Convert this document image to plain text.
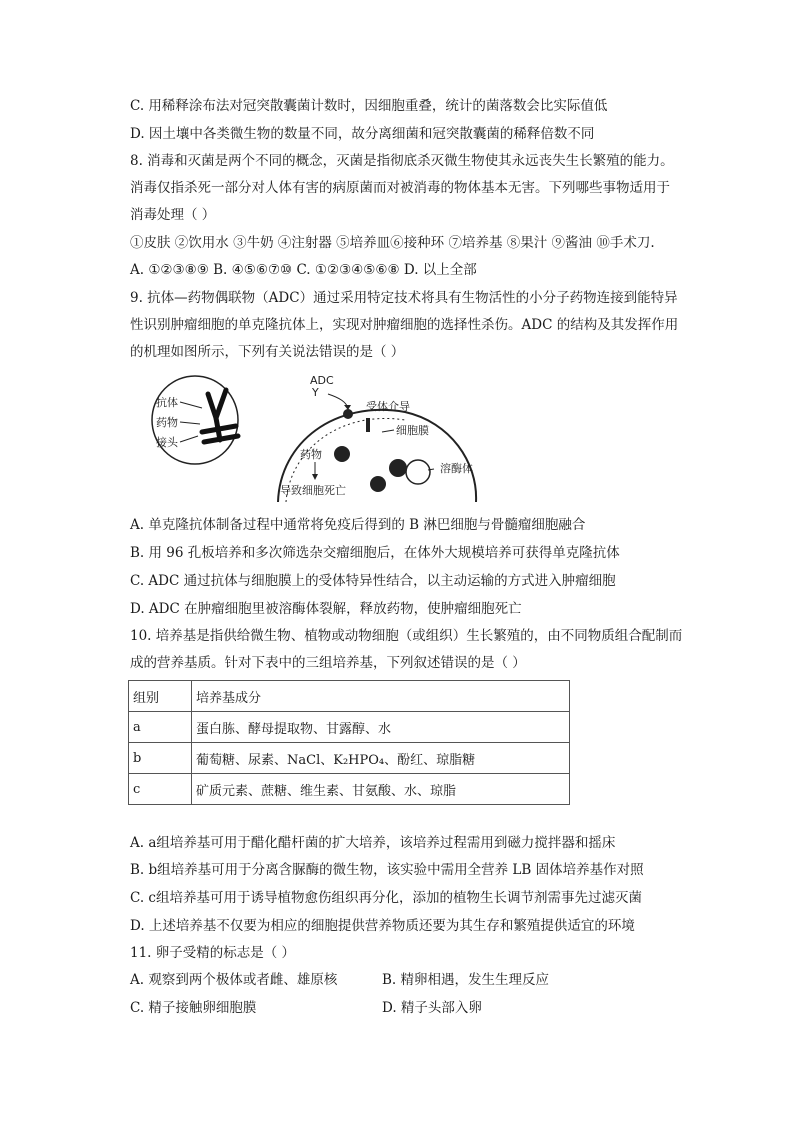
C. 用稀释涂布法对冠突散囊菌计数时，因细胞重叠，统计的菌落数会比实际值低
D. 因土壤中各类微生物的数量不同，故分离细菌和冠突散囊菌的稀释倍数不同
8. 消毒和灭菌是两个不同的概念，灭菌是指彻底杀灭微生物使其永远丧失生长繁殖的能力。
消毒仅指杀死一部分对人体有害的病原菌而对被消毒的物体基本无害。下列哪些事物适用于
消毒处理（ ）
①皮肤 ②饮用水 ③牛奶 ④注射器 ⑤培养皿⑥接种环 ⑦培养基 ⑧果汁 ⑨酱油 ⑩手术刀.
A. ①②③⑧⑨ B. ④⑤⑥⑦⑩ C. ①②③④⑤⑥⑧ D. 以上全部
9. 抗体—药物偶联物（ADC）通过采用特定技术将具有生物活性的小分子药物连接到能特异
性识别肿瘤细胞的单克隆抗体上，实现对肿瘤细胞的选择性杀伤。ADC 的结构及其发挥作用
的机理如图所示，下列有关说法错误的是（ ）
抗体
药物
接头
ADC
Y
受体介导
细胞膜
药物
溶酶体
导致细胞死亡
A. 单克隆抗体制备过程中通常将免疫后得到的 B 淋巴细胞与骨髓瘤细胞融合
B. 用 96 孔板培养和多次筛选杂交瘤细胞后，在体外大规模培养可获得单克隆抗体
C. ADC 通过抗体与细胞膜上的受体特异性结合，以主动运输的方式进入肿瘤细胞
D. ADC 在肿瘤细胞里被溶酶体裂解，释放药物，使肿瘤细胞死亡
10. 培养基是指供给微生物、植物或动物细胞（或组织）生长繁殖的，由不同物质组合配制而
成的营养基质。针对下表中的三组培养基，下列叙述错误的是（ ）
组别	培养基成分
a	蛋白胨、酵母提取物、甘露醇、水
b	葡萄糖、尿素、NaCl、K₂HPO₄、酚红、琼脂糖
c	矿质元素、蔗糖、维生素、甘氨酸、水、琼脂
A. a组培养基可用于醋化醋杆菌的扩大培养，该培养过程需用到磁力搅拌器和摇床
B. b组培养基可用于分离含脲酶的微生物，该实验中需用全营养 LB 固体培养基作对照
C. c组培养基可用于诱导植物愈伤组织再分化，添加的植物生长调节剂需事先过滤灭菌
D. 上述培养基不仅要为相应的细胞提供营养物质还要为其生存和繁殖提供适宜的环境
11. 卵子受精的标志是（ ）
A. 观察到两个极体或者雌、雄原核	B. 精卵相遇，发生生理反应
C. 精子接触卵细胞膜	D. 精子头部入卵
